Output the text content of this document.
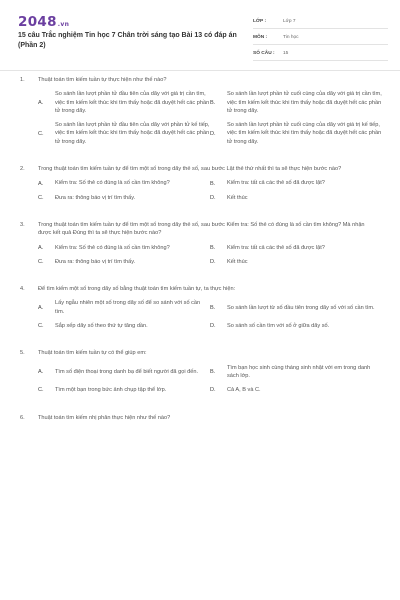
2048.vn
15 câu Trắc nghiệm Tin học 7 Chân trời sáng tạo Bài 13 có đáp án (Phần 2)
LỚP :	Lớp 7
MÔN :	Tin học
SỐ CÂU :	15
1.	Thuật toán tìm kiếm tuần tự thực hiện như thế nào?
A.
So sánh lần lượt phần tử đầu tiên của dãy với giá trị cần tìm, việc tìm kiếm kết thúc khi tìm thấy hoặc đã duyệt hết các phần tử trong dãy.
B.
So sánh lần lượt phần tử cuối cùng của dãy với giá trị cần tìm, việc tìm kiếm kết thúc khi tìm thấy hoặc đã duyệt hết các phần tử trong dãy.
C.
So sánh lần lượt phần tử đầu tiên của dãy với phần tử kế tiếp, việc tìm kiếm kết thúc khi tìm thấy hoặc đã duyệt hết các phần tử trong dãy.
D.
So sánh lần lượt phần tử cuối cùng của dãy với giá trị kế tiếp, việc tìm kiếm kết thúc khi tìm thấy hoặc đã duyệt hết các phần tử trong dãy.
2.	Trong thuật toán tìm kiếm tuần tự để tìm một số trong dãy thẻ số, sau bước Lật thẻ thứ nhất thì ta sẽ thực hiện bước nào?
A.	Kiểm tra: Số thẻ có đúng là số cần tìm không?	B.	Kiểm tra: tất cả các thẻ số đã được lật?
C.	Đưa ra: thông báo vị trí tìm thấy.	D.	Kết thúc
3.	Trong thuật toán tìm kiếm tuần tự để tìm một số trong dãy thẻ số, sau bước Kiểm tra: Số thẻ có đúng là số cần tìm không? Mà nhận được kết quả Đúng thì ta sẽ thực hiện bước nào?
A.	Kiểm tra: Số thẻ có đúng là số cần tìm không?	B.	Kiểm tra: tất cả các thẻ số đã được lật?
C.	Đưa ra: thông báo vị trí tìm thấy.	D.	Kết thúc
4.	Để tìm kiếm một số trong dãy số bằng thuật toán tìm kiếm tuần tự, ta thực hiện:
A.
Lấy ngẫu nhiên một số trong dãy số để so sánh với số cần tìm.
B.	So sánh lần lượt từ số đầu tiên trong dãy số với số cần tìm.
C.	Sắp xếp dãy số theo thứ tự tăng dần.	D.	So sánh số cần tìm với số ở giữa dãy số.
5.	Thuật toán tìm kiếm tuần tự có thể giúp em:
A.	Tìm số điện thoại trong danh bạ để biết người đã gọi đến.	B.
Tìm bạn học sinh cùng tháng sinh nhật với em trong danh sách lớp.
C.	Tìm một bạn trong bức ảnh chụp tập thể lớp.	D.	Cả A, B và C.
6.	Thuật toán tìm kiếm nhị phân thực hiện như thế nào?
